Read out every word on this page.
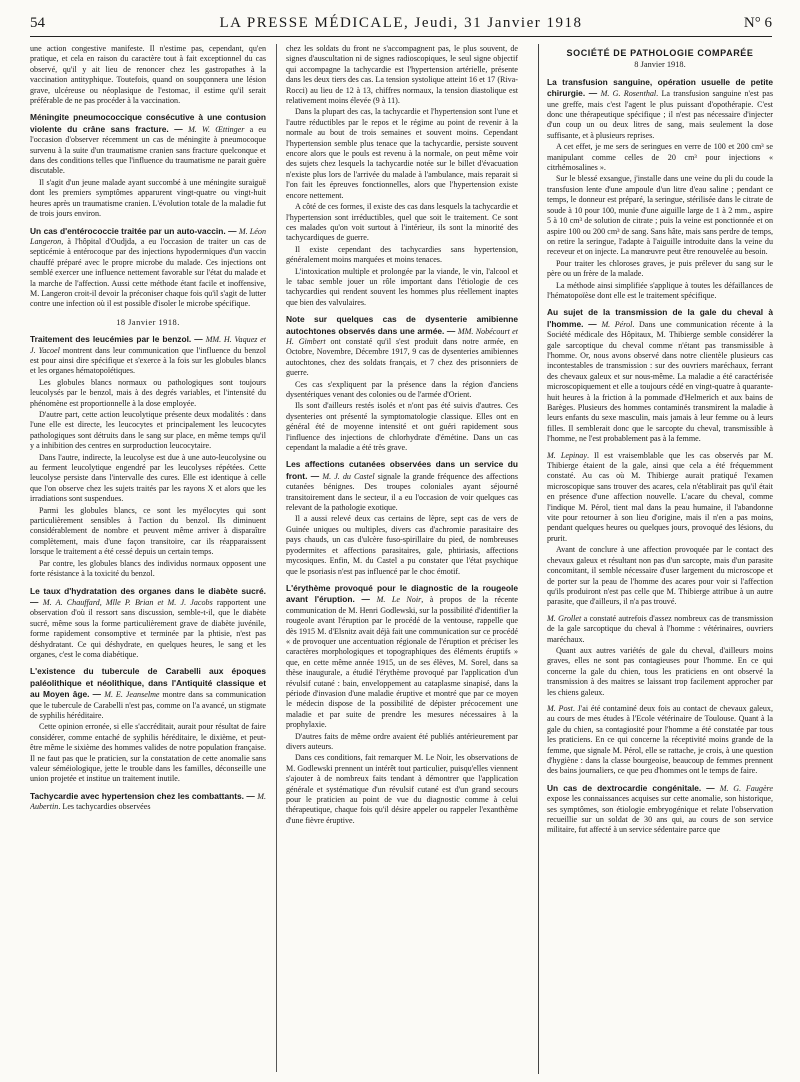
54	LA PRESSE MÉDICALE, Jeudi, 31 Janvier 1918	N° 6

une action congestive manifeste. Il n'estime pas, cependant, qu'en pratique, et cela en raison du caractère tout à fait exceptionnel du cas observé, qu'il y ait lieu de renoncer chez les gastropathes à la vaccination antityphique. Toutefois, quand on soupçonnera une lésion grave, ulcéreuse ou néoplasique de l'estomac, il estime qu'il serait préférable de ne pas procéder à la vaccination.

Méningite pneumococcique consécutive à une contusion violente du crâne sans fracture. — M. W. Œttinger a eu l'occasion d'observer récemment un cas de méningite à pneumocoque survenu à la suite d'un traumatisme cranien sans fracture quelconque et dans des conditions telles que l'influence du traumatisme ne parait guère discutable.

Il s'agit d'un jeune malade ayant succombé à une méningite suraiguë dont les premiers symptômes apparurent vingt-quatre ou vingt-huit heures après un traumatisme cranien. L'évolution totale de la maladie fut de trois jours environ.

Un cas d'entérococcie traitée par un auto-vaccin. — M. Léon Langeron, à l'hôpital d'Oudjda, a eu l'occasion de traiter un cas de septicémie à entérocoque par des injections hypodermiques d'un vaccin chauffé préparé avec le propre microbe du malade. Ces injections ont semblé exercer une influence nettement favorable sur l'état du malade et la marche de l'affection. Aussi cette méthode étant facile et inoffensive, M. Langeron croit-il devoir la préconiser chaque fois qu'il s'agit de lutter contre une infection où il est possible d'isoler le microbe spécifique.

18 Janvier 1918.

Traitement des leucémies par le benzol. — MM. H. Vaquez et J. Yacoel montrent dans leur communication que l'influence du benzol est pour ainsi dire spécifique et s'exerce à la fois sur les globules blancs et les organes hématopoïétiques.

Les globules blancs normaux ou pathologiques sont toujours leucolysés par le benzol, mais à des degrés variables, et l'intensité du phénomène est proportionnelle à la dose employée.

D'autre part, cette action leucolytique présente deux modalités : dans l'une elle est directe, les leucocytes et principalement les leucocytes pathologiques sont détruits dans le sang sur place, en même temps qu'il y a inhibition des centres en surproduction leucocytaire.

Dans l'autre, indirecte, la leucolyse est due à une auto-leucolysine ou au ferment leucolytique engendré par les leucolyses répétées. Cette leucolyse persiste dans l'intervalle des cures. Elle est identique à celle que l'on observe chez les sujets traités par les rayons X et alors que les irradiations sont suspendues.

Parmi les globules blancs, ce sont les myélocytes qui sont particulièrement sensibles à l'action du benzol. Ils diminuent considérablement de nombre et peuvent même arriver à disparaître complètement, mais d'une façon transitoire, car ils réapparaissent lorsque le traitement a été cessé depuis un certain temps.

Par contre, les globules blancs des individus normaux opposent une forte résistance à la toxicité du benzol.

Le taux d'hydratation des organes dans le diabète sucré. — M. A. Chauffard, Mlle P. Brian et M. J. Jacobs rapportent une observation d'où il ressort sans discussion, semble-t-il, que le diabète sucré, même sous la forme particulièrement grave de diabète juvénile, forme rapidement consomptive et terminée par la phtisie, n'est pas déshydratant. Ce qui déshydrate, en quelques heures, le sang et les organes, c'est le coma diabétique.

L'existence du tubercule de Carabelli aux époques paléolithique et néolithique, dans l'Antiquité classique et au Moyen âge. — M. E. Jeanselme montre dans sa communication que le tubercule de Carabelli n'est pas, comme on l'a avancé, un stigmate de syphilis héréditaire.

Cette opinion erronée, si elle s'accréditait, aurait pour résultat de faire considérer, comme entaché de syphilis héréditaire, le dixième, et peut-être même le sixième des hommes valides de notre population française. Il ne faut pas que le praticien, sur la constatation de cette anomalie sans valeur séméiologique, jette le trouble dans les familles, déconseille une union projetée et institue un traitement inutile.

Tachycardie avec hypertension chez les combattants. — M. Aubertin. Les tachycardies observées

chez les soldats du front ne s'accompagnent pas, le plus souvent, de signes d'auscultation ni de signes radioscopiques, le seul signe objectif qui accompagne la tachycardie est l'hypertension artérielle, présente dans les deux tiers des cas. La tension systolique atteint 16 et 17 (Riva-Rocci) au lieu de 12 à 13, chiffres normaux, la tension diastolique est relativement moins élevée (9 à 11).

Dans la plupart des cas, la tachycardie et l'hypertension sont l'une et l'autre réductibles par le repos et le régime au point de revenir à la normale au bout de trois semaines et souvent moins. Cependant l'hypertension semble plus tenace que la tachycardie, persiste souvent encore alors que le pouls est revenu à la normale, on peut même voir des sujets chez lesquels la tachycardie notée sur le billet d'évacuation n'existe plus lors de l'arrivée du malade à l'ambulance, mais reparait si l'on fait les épreuves fonctionnelles, alors que l'hypertension existe encore nettement.

A côté de ces formes, il existe des cas dans lesquels la tachycardie et l'hypertension sont irréductibles, quel que soit le traitement. Ce sont ces malades qu'on voit surtout à l'intérieur, ils sont la minorité des tachycardiques de guerre.

Il existe cependant des tachycardies sans hypertension, généralement moins marquées et moins tenaces.

L'intoxication multiple et prolongée par la viande, le vin, l'alcool et le tabac semble jouer un rôle important dans l'étiologie de ces tachycardies qui rendent souvent les hommes plus réellement inaptes que bien des valvulaires.

Note sur quelques cas de dysenterie amibienne autochtones observés dans une armée. — MM. Nobécourt et H. Gimbert ont constaté qu'il s'est produit dans notre armée, en Octobre, Novembre, Décembre 1917, 9 cas de dysenteries amibiennes autochtones, chez des soldats français, et 7 chez des prisonniers de guerre.

Ces cas s'expliquent par la présence dans la région d'anciens dysentériques venant des colonies ou de l'armée d'Orient.

Ils sont d'ailleurs restés isolés et n'ont pas été suivis d'autres. Ces dysenteries ont présenté la symptomatologie classique. Elles ont en général été de moyenne intensité et ont guéri rapidement sous l'influence des injections de chlorhydrate d'émétine. Dans un cas cependant la maladie a été très grave.

Les affections cutanées observées dans un service du front. — M. J. du Castel signale la grande fréquence des affections cutanées bénignes. Des troupes coloniales ayant séjourné transitoirement dans le secteur, il a eu l'occasion de voir quelques cas relevant de la pathologie exotique.

Il a aussi relevé deux cas certains de lèpre, sept cas de vers de Guinée uniques ou multiples, divers cas d'achromie parasitaire des pays chauds, un cas d'ulcère fuso-spirillaire du pied, de nombreuses pyodermites et affections parasitaires, gale, phtiriasis, affections mycosiques. Enfin, M. du Castel a pu constater que l'état psychique que le psoriasis n'est pas influencé par le choc émotif.

L'érythème provoqué pour le diagnostic de la rougeole avant l'éruption. — M. Le Noir, à propos de la récente communication de M. Henri Godlewski, sur la possibilité d'identifier la rougeole avant l'éruption par le procédé de la ventouse, rappelle que dès 1915 M. d'Elsnitz avait déjà fait une communication sur ce procédé « de provoquer une accentuation régionale de l'éruption et préciser les caractères morphologiques et topographiques des éléments éruptifs » que, en cette même année 1915, un de ses élèves, M. Sorel, dans sa thèse inaugurale, a étudié l'érythème provoqué par l'application d'un révulsif cutané : bain, enveloppement au cataplasme sinapisé, dans la période d'invasion d'une maladie éruptive et montré que par ce moyen le médecin dispose de la possibilité de dépister précocement une maladie et par suite de prendre les mesures nécessaires à la prophylaxie.

D'autres faits de même ordre avaient été publiés antérieurement par divers auteurs.

Dans ces conditions, fait remarquer M. Le Noir, les observations de M. Godlewski prennent un intérêt tout particulier, puisqu'elles viennent s'ajouter à de nombreux faits tendant à démontrer que l'application générale et systématique d'un révulsif cutané est d'un grand secours pour le praticien au point de vue du diagnostic comme à celui thérapeutique, chaque fois qu'il désire appeler ou rappeler l'exanthème d'une fièvre éruptive.

SOCIÉTÉ DE PATHOLOGIE COMPARÉE
8 Janvier 1918.

La transfusion sanguine, opération usuelle de petite chirurgie. — M. G. Rosenthal. La transfusion sanguine n'est pas une greffe, mais c'est l'agent le plus puissant d'opothérapie. C'est donc une thérapeutique spécifique ; il n'est pas nécessaire d'injecter d'un coup un ou deux litres de sang, mais seulement la dose suffisante, et à plusieurs reprises.

A cet effet, je me sers de seringues en verre de 100 et 200 cm³ se manipulant comme celles de 20 cm³ pour injections « citrhémosalines ».

Sur le blessé exsangue, j'installe dans une veine du pli du coude la transfusion lente d'une ampoule d'un litre d'eau saline ; pendant ce temps, le donneur est préparé, la seringue, stérilisée dans le citrate de soude à 10 pour 100, munie d'une aiguille large de 1 à 2 mm., aspire 5 à 10 cm³ de solution de citrate ; puis la veine est ponctionnée et on aspire 100 ou 200 cm³ de sang. Sans hâte, mais sans perdre de temps, on retire la seringue, l'adapte à l'aiguille introduite dans la veine du receveur et on injecte. La manœuvre peut être renouvelée au besoin.

Pour traiter les chloroses graves, je puis prélever du sang sur le père ou un frère de la malade.

La méthode ainsi simplifiée s'applique à toutes les défaillances de l'hématopoïèse dont elle est le traitement spécifique.

Au sujet de la transmission de la gale du cheval à l'homme. — M. Pérol. Dans une communication récente à la Société médicale des Hôpitaux, M. Thibierge semble considérer la gale sarcoptique du cheval comme n'étant pas transmissible à l'homme. Or, nous avons observé dans notre clientèle plusieurs cas incontestables de transmission : sur des ouvriers maréchaux, ferrant des chevaux galeux et sur nous-même. La maladie a été caractérisée microscopiquement et elle a toujours cédé en vingt-quatre à quarante-huit heures à la friction à la pommade d'Helmerich et aux bains de Barèges. Plusieurs des hommes contaminés transmirent la maladie à leurs enfants du sexe masculin, mais jamais à leur femme ou à leurs filles. Il semblerait donc que le sarcopte du cheval, transmissible à l'homme, ne l'est probablement pas à la femme.

M. Lepinay. Il est vraisemblable que les cas observés par M. Thibierge étaient de la gale, ainsi que cela a été fréquemment constaté. Au cas où M. Thibierge aurait pratiqué l'examen microscopique sans trouver des acares, cela n'établirait pas qu'il était en présence d'une affection nouvelle. L'acare du cheval, comme l'indique M. Pérol, tient mal dans la peau humaine, il l'abandonne vite pour retourner à son lieu d'origine, mais il n'en a pas moins, pendant quelques heures ou quelques jours, provoqué des lésions, du prurit.

Avant de conclure à une affection provoquée par le contact des chevaux galeux et résultant non pas d'un sarcopte, mais d'un parasite concomitant, il semble nécessaire d'user largement du microscope et de porter sur la peau de l'homme des acares pour voir si l'affection qu'ils produiront n'est pas celle que M. Thibierge attribue à un autre parasite, que d'ailleurs, il n'a pas trouvé.

M. Grollet a constaté autrefois d'assez nombreux cas de transmission de la gale sarcoptique du cheval à l'homme : vétérinaires, ouvriers maréchaux.

Quant aux autres variétés de gale du cheval, d'ailleurs moins graves, elles ne sont pas contagieuses pour l'homme. En ce qui concerne la gale du chien, tous les praticiens en ont observé la transmission à des maitres se laissant trop facilement approcher par les chiens galeux.

M. Post. J'ai été contaminé deux fois au contact de chevaux galeux, au cours de mes études à l'Ecole vétérinaire de Toulouse. Quant à la gale du chien, sa contagiosité pour l'homme a été constatée par tous les praticiens. En ce qui concerne la réceptivité moins grande de la femme, que signale M. Pérol, elle se rattache, je crois, à une question d'hygiène : dans la classe bourgeoise, beaucoup de femmes prennent des bains journaliers, ce que peu d'hommes ont le temps de faire.

Un cas de dextrocardie congénitale. — M. G. Faugère expose les connaissances acquises sur cette anomalie, son historique, ses symptômes, son étiologie embryogénique et relate l'observation recueillie sur un soldat de 30 ans qui, au cours de son service militaire, fut affecté à un service sédentaire parce que
